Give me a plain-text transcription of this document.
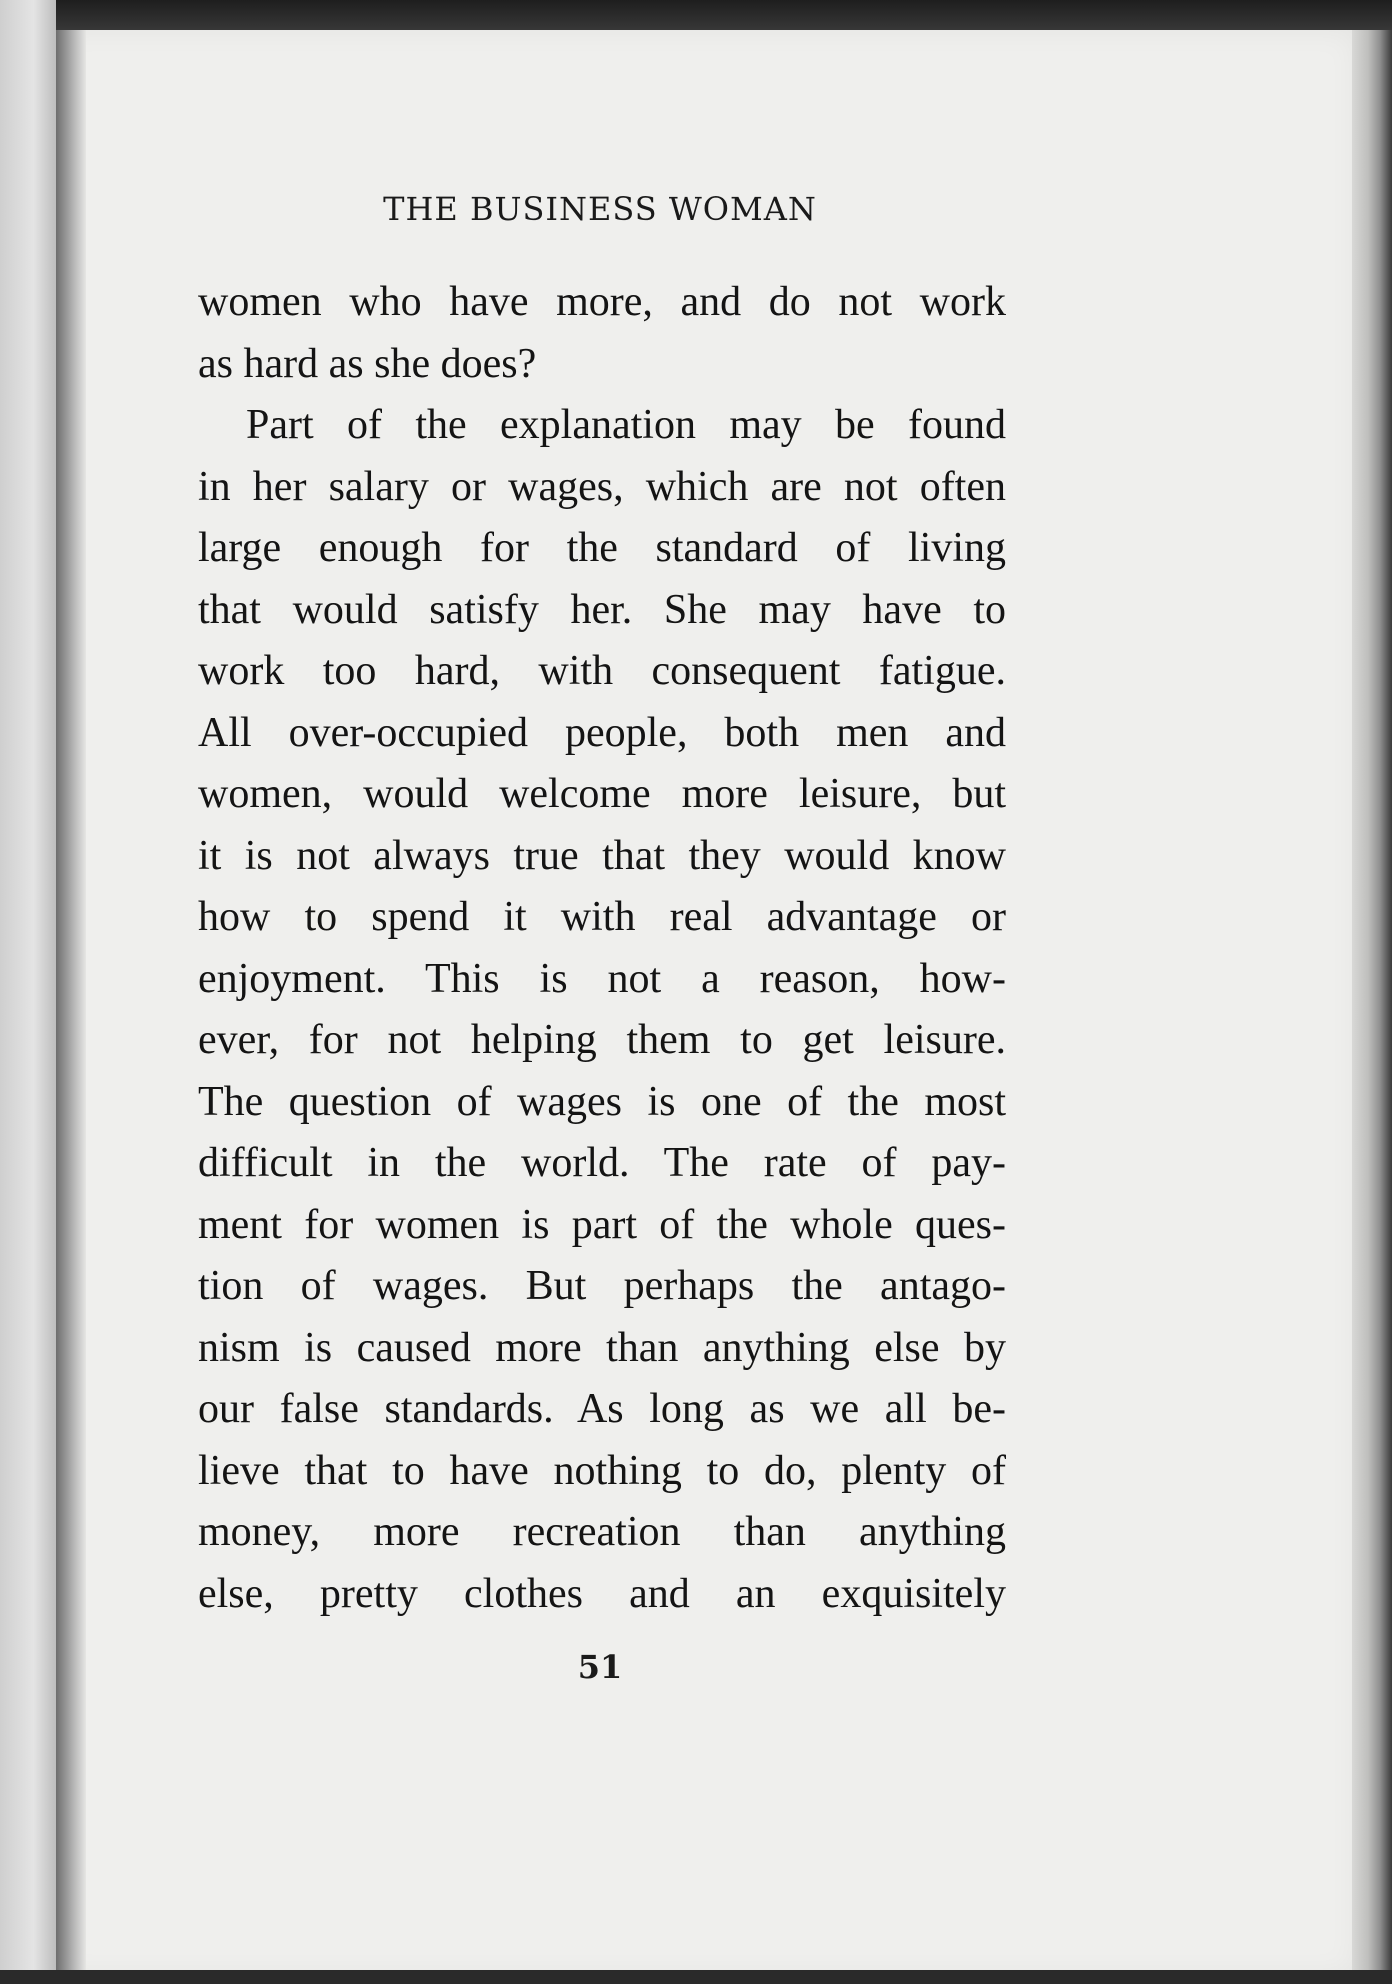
THE BUSINESS WOMAN
women who have more, and do not work
as hard as she does?
Part of the explanation may be found
in her salary or wages, which are not often
large enough for the standard of living
that would satisfy her. She may have to
work too hard, with consequent fatigue.
All over-occupied people, both men and
women, would welcome more leisure, but
it is not always true that they would know
how to spend it with real advantage or
enjoyment. This is not a reason, how-
ever, for not helping them to get leisure.
The question of wages is one of the most
difficult in the world. The rate of pay-
ment for women is part of the whole ques-
tion of wages. But perhaps the antago-
nism is caused more than anything else by
our false standards. As long as we all be-
lieve that to have nothing to do, plenty of
money, more recreation than anything
else, pretty clothes and an exquisitely
51
